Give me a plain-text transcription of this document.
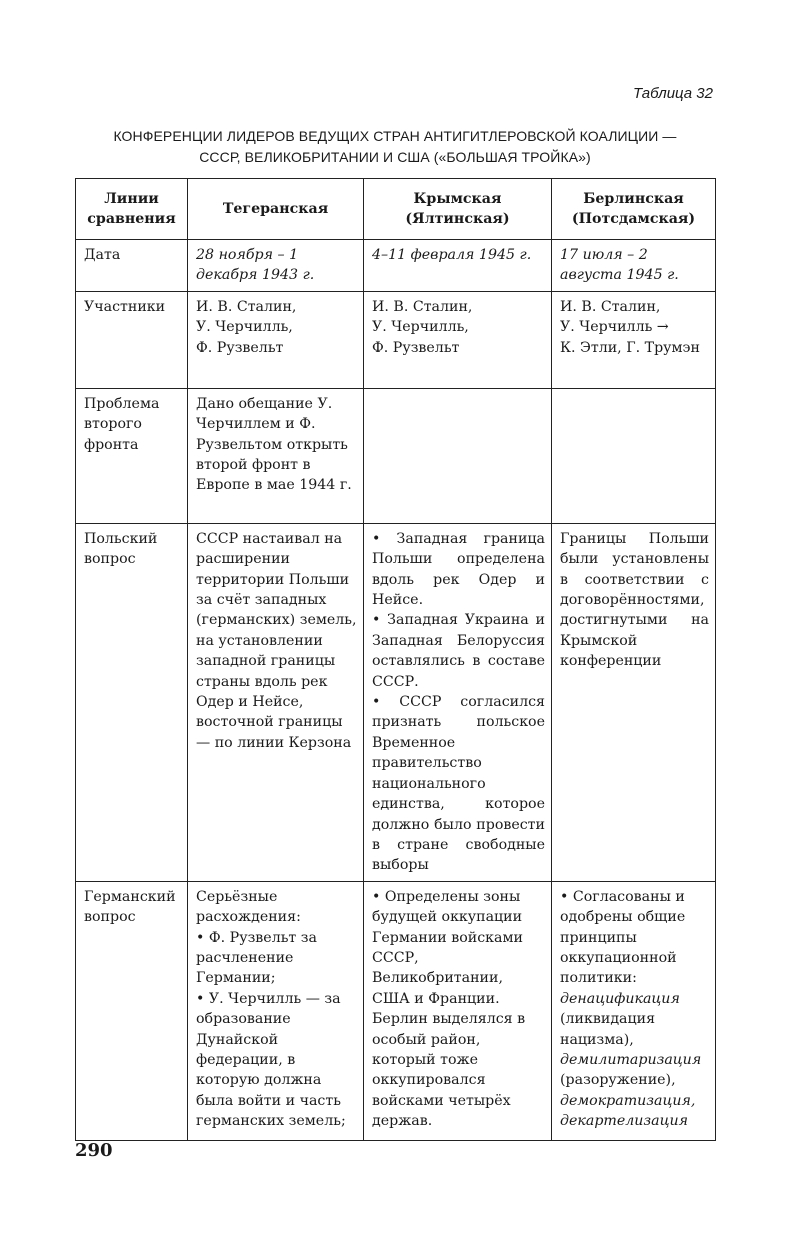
Таблица 32
КОНФЕРЕНЦИИ ЛИДЕРОВ ВЕДУЩИХ СТРАН АНТИГИТЛЕРОВСКОЙ КОАЛИЦИИ —
СССР, ВЕЛИКОБРИТАНИИ И США («БОЛЬШАЯ ТРОЙКА»)
Линии сравнения	Тегеранская	Крымская (Ялтинская)	Берлинская (Потсдамская)
Дата	28 ноября – 1 декабря 1943 г.	4–11 февраля 1945 г.	17 июля – 2 августа 1945 г.
Участники	И. В. Сталин,
У. Черчилль,
Ф. Рузвельт	И. В. Сталин,
У. Черчилль,
Ф. Рузвельт	И. В. Сталин,
У. Черчилль →
К. Этли, Г. Трумэн

Проблема второго фронта	Дано обещание У. Черчиллем и Ф. Рузвельтом открыть второй фронт в Европе в мае 1944 г.		
Польский вопрос	СССР настаивал на расширении территории Польши за счёт западных (германских) земель, на установлении западной границы страны вдоль рек Одер и Нейсе, восточной границы — по линии Керзона	• Западная граница Польши определена вдоль рек Одер и Нейсе.
• Западная Украина и Западная Белоруссия оставлялись в составе СССР.
• СССР согласился признать польское Временное правительство национального единства, которое должно было провести в стране свободные выборы	Границы Польши были установлены в соответствии с договорённостями, достигнутыми на Крымской конференции
Германский вопрос	Серьёзные расхождения:
• Ф. Рузвельт за расчленение Германии;
• У. Черчилль — за образование Дунайской федерации, в которую должна была войти и часть германских земель;	• Определены зоны будущей оккупации Германии войсками СССР, Великобритании, США и Франции. Берлин выделялся в особый район, который тоже оккупировался войсками четырёх держав.	• Согласованы и одобрены общие принципы оккупационной политики: денацификация (ликвидация нацизма), демилитаризация (разоружение), демократизация, декартелизация
290
